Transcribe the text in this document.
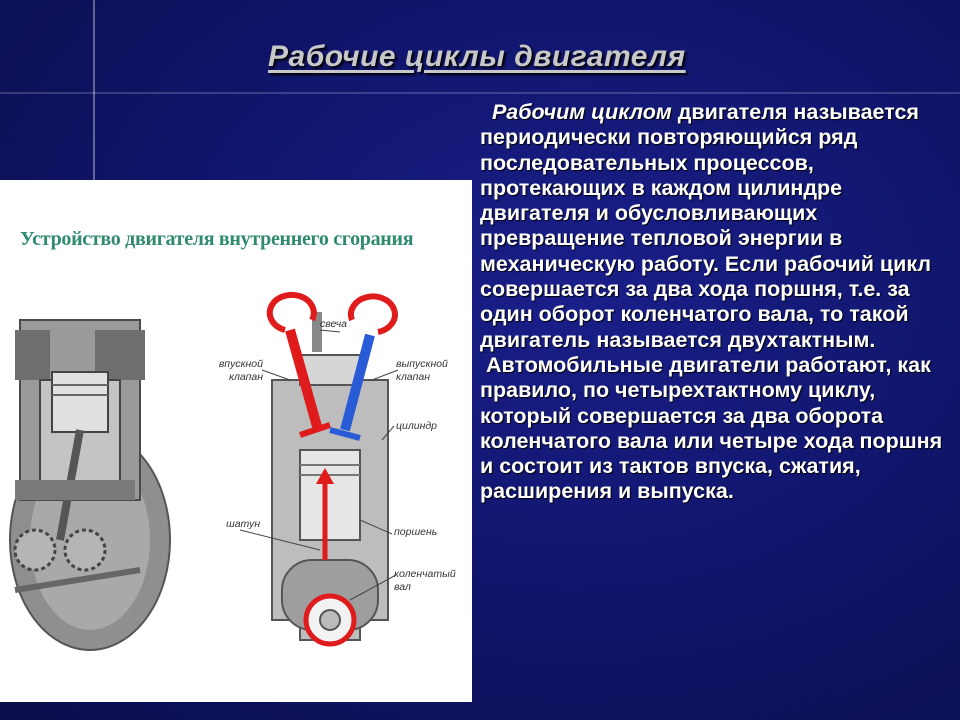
Рабочие циклы двигателя

Рабочим циклом двигателя называется периодически повторяющийся ряд последовательных процессов, протекающих в каждом цилиндре двигателя и обусловливающих превращение тепловой энергии в механическую работу. Если рабочий цикл совершается за два хода поршня, т.е. за один оборот коленчатого вала, то такой двигатель называется двухтактным.

Автомобильные двигатели работают, как правило, по четырехтактному циклу, который совершается за два оборота коленчатого вала или четыре хода поршня и состоит из тактов впуска, сжатия, расширения и выпуска.

Устройство двигателя внутреннего сгорания
свеча
впускной клапан
выпускной клапан
цилиндр
шатун
поршень
коленчатый вал
